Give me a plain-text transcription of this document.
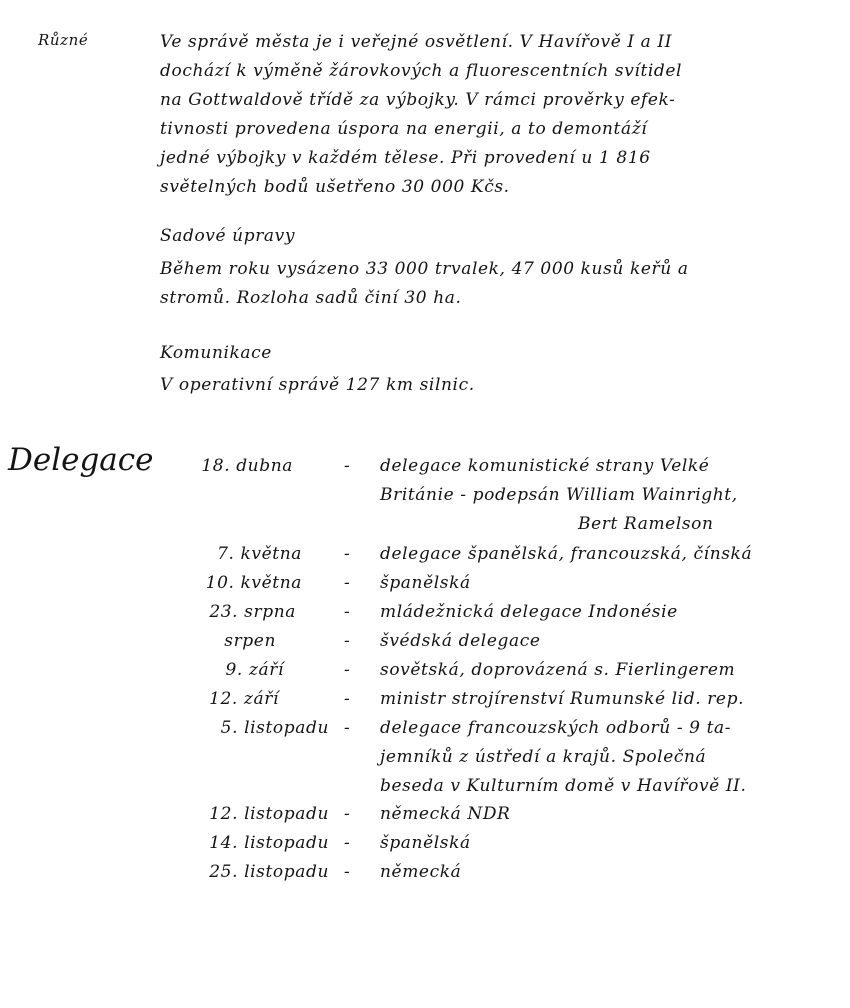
Různé	Ve správě města je i veřejné osvětlení. V Havířově I a II
dochází k výměně žárovkových a fluorescentních svítidel
na Gottwaldově třídě za výbojky. V rámci prověrky efek-
tivnosti provedena úspora na energii, a to demontáží
jedné výbojky v každém tělese. Při provedení u 1 816
světelných bodů ušetřeno 30 000 Kčs.
Sadové úpravy
Během roku vysázeno 33 000 trvalek, 47 000 kusů keřů a
stromů. Rozloha sadů činí 30 ha.
Komunikace
V operativní správě 127 km silnic.
Delegace	18. dubna	- delegace komunistické strany Velké
Británie - podepsán William Wainright,
Bert Ramelson
7. května - delegace španělská, francouzská, čínská
10. května - španělská
23. srpna	- mládežnická delegace Indonésie
srpen	- švédská delegace
9. září	- sovětská, doprovázená s. Fierlingerem
12. září	- ministr strojírenství Rumunské lid. rep.
5. listopadu - delegace francouzských odborů - 9 ta-
jemníků z ústředí a krajů. Společná
beseda v Kulturním domě v Havířově II.
12. listopadu - německá NDR
14. listopadu - španělská
25. listopadu - německá
